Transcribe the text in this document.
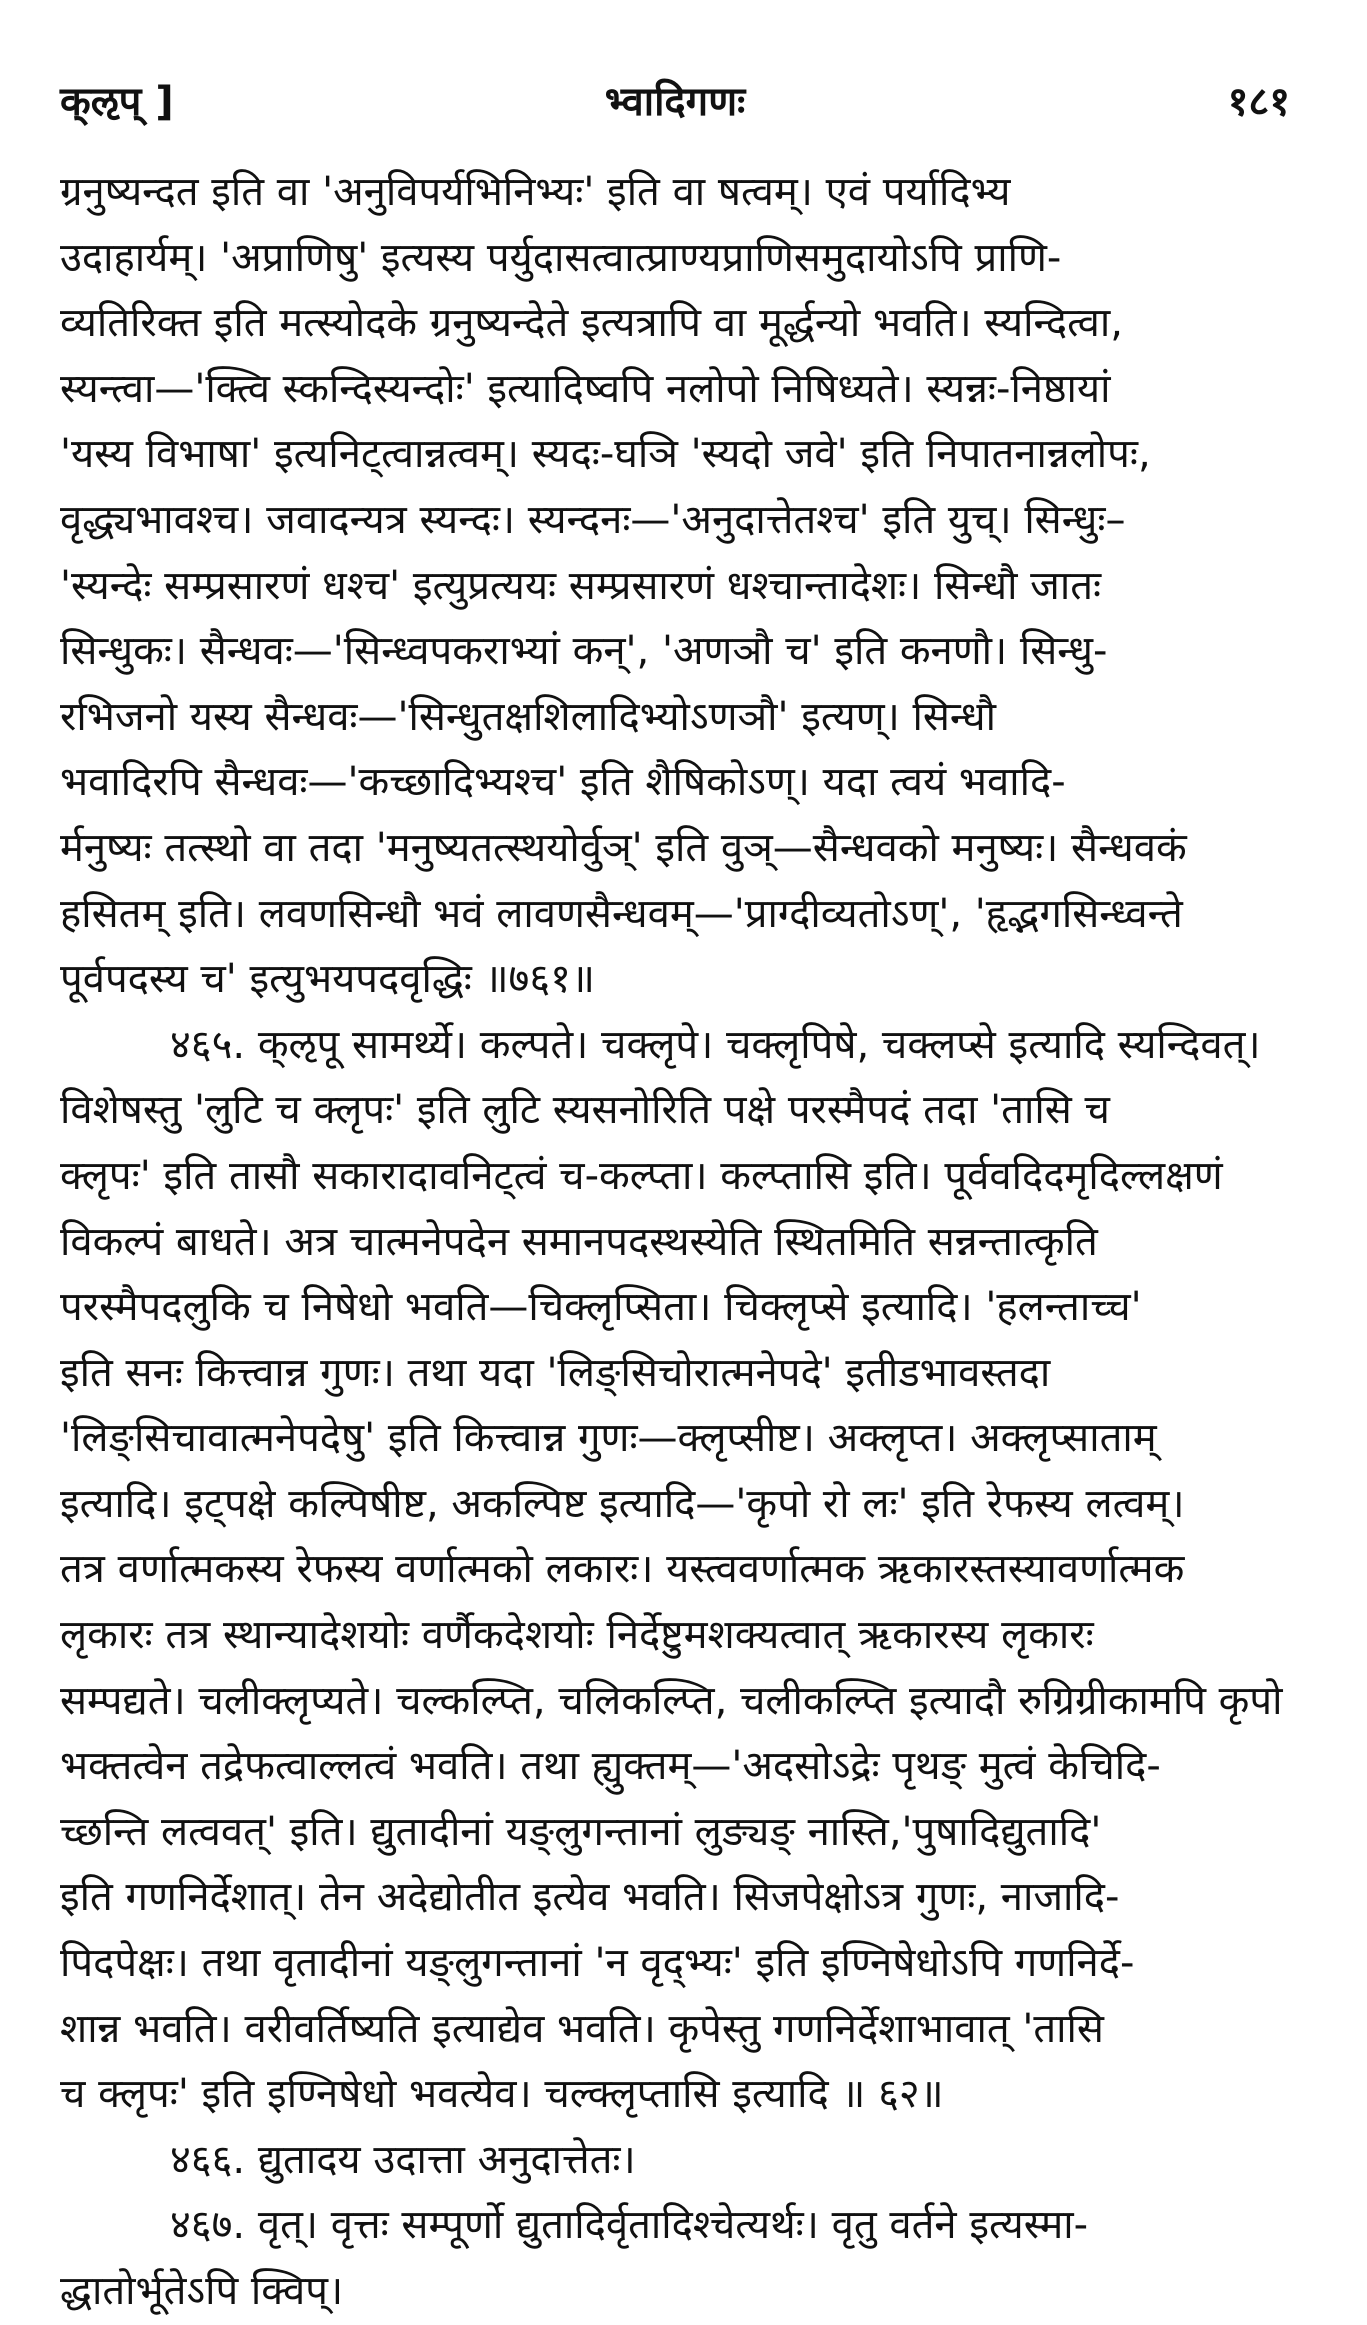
क्ऌप् ]	भ्वादिगणः	१८१
ग्रनुष्यन्दत इति वा 'अनुविपर्यभिनिभ्यः' इति वा षत्वम्। एवं पर्यादिभ्य
उदाहार्यम्। 'अप्राणिषु' इत्यस्य पर्युदासत्वात्प्राण्यप्राणिसमुदायोऽपि प्राणि-
व्यतिरिक्त इति मत्स्योदके ग्रनुष्यन्देते इत्यत्रापि वा मूर्द्धन्यो भवति। स्यन्दित्वा,
स्यन्त्वा—'क्त्वि स्कन्दिस्यन्दोः' इत्यादिष्वपि नलोपो निषिध्यते। स्यन्नः-निष्ठायां
'यस्य विभाषा' इत्यनिट्त्वान्नत्वम्। स्यदः-घञि 'स्यदो जवे' इति निपातनान्नलोपः,
वृद्ध्यभावश्च। जवादन्यत्र स्यन्दः। स्यन्दनः—'अनुदात्तेतश्च' इति युच्। सिन्धुः–
'स्यन्देः सम्प्रसारणं धश्च' इत्युप्रत्ययः सम्प्रसारणं धश्चान्तादेशः। सिन्धौ जातः
सिन्धुकः। सैन्धवः—'सिन्ध्वपकराभ्यां कन्', 'अणञौ च' इति कनणौ। सिन्धु-
रभिजनो यस्य सैन्धवः—'सिन्धुतक्षशिलादिभ्योऽणञौ' इत्यण्। सिन्धौ
भवादिरपि सैन्धवः—'कच्छादिभ्यश्च' इति शैषिकोऽण्। यदा त्वयं भवादि-
र्मनुष्यः तत्स्थो वा तदा 'मनुष्यतत्स्थयोर्वुञ्' इति वुञ्—सैन्धवको मनुष्यः। सैन्धवकं
हसितम् इति। लवणसिन्धौ भवं लावणसैन्धवम्—'प्राग्दीव्यतोऽण्', 'हृद्भगसिन्ध्वन्ते
पूर्वपदस्य च' इत्युभयपदवृद्धिः ॥७६१॥
४६५. क्ऌपू सामर्थ्ये। कल्पते। चक्लृपे। चक्लृपिषे, चक्लप्से इत्यादि स्यन्दिवत्।
विशेषस्तु 'लुटि च क्लृपः' इति लुटि स्यसनोरिति पक्षे परस्मैपदं तदा 'तासि च
क्लृपः' इति तासौ सकारादावनिट्त्वं च-कल्प्ता। कल्प्तासि इति। पूर्ववदिदमृदिल्लक्षणं
विकल्पं बाधते। अत्र चात्मनेपदेन समानपदस्थस्येति स्थितमिति सन्नन्तात्कृति
परस्मैपदलुकि च निषेधो भवति—चिक्लृप्सिता। चिक्लृप्से इत्यादि। 'हलन्ताच्च'
इति सनः कित्त्वान्न गुणः। तथा यदा 'लिङ्सिचोरात्मनेपदे' इतीडभावस्तदा
'लिङ्सिचावात्मनेपदेषु' इति कित्त्वान्न गुणः—क्लृप्सीष्ट। अक्लृप्त। अक्लृप्साताम्
इत्यादि। इट्पक्षे कल्पिषीष्ट, अकल्पिष्ट इत्यादि—'कृपो रो लः' इति रेफस्य लत्वम्।
तत्र वर्णात्मकस्य रेफस्य वर्णात्मको लकारः। यस्त्ववर्णात्मक ऋकारस्तस्यावर्णात्मक
लृकारः तत्र स्थान्यादेशयोः वर्णैकदेशयोः निर्देष्टुमशक्यत्वात् ऋकारस्य लृकारः
सम्पद्यते। चलीक्लृप्यते। चल्कल्प्ति, चलिकल्प्ति, चलीकल्प्ति इत्यादौ रुग्रिग्रीकामपि कृपो
भक्तत्वेन तद्रेफत्वाल्लत्वं भवति। तथा ह्युक्तम्—'अदसोऽद्रेः पृथङ् मुत्वं केचिदि-
च्छन्ति लत्ववत्' इति। द्युतादीनां यङ्लुगन्तानां लुङ्यङ् नास्ति,'पुषादिद्युतादि'
इति गणनिर्देशात्। तेन अदेद्योतीत इत्येव भवति। सिजपेक्षोऽत्र गुणः, नाजादि-
पिदपेक्षः। तथा वृतादीनां यङ्लुगन्तानां 'न वृद्भ्यः' इति इण्निषेधोऽपि गणनिर्दे-
शान्न भवति। वरीवर्तिष्यति इत्याद्येव भवति। कृपेस्तु गणनिर्देशाभावात् 'तासि
च क्लृपः' इति इण्निषेधो भवत्येव। चल्क्लृप्तासि इत्यादि ॥ ६२॥
४६६. द्युतादय उदात्ता अनुदात्तेतः।
४६७. वृत्। वृत्तः सम्पूर्णो द्युतादिर्वृतादिश्चेत्यर्थः। वृतु वर्तने इत्यस्मा-
द्धातोर्भूतेऽपि क्विप्।
